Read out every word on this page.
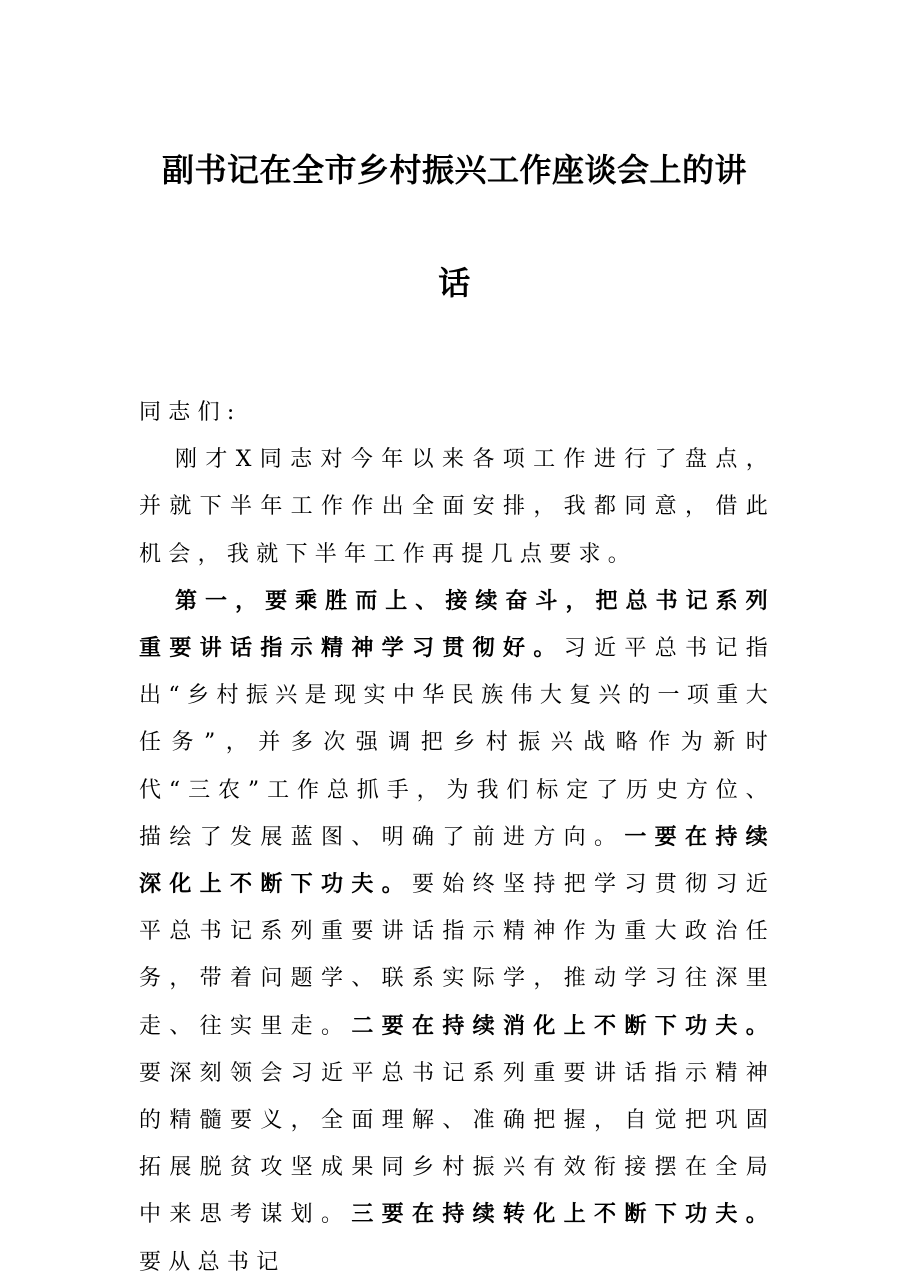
副书记在全市乡村振兴工作座谈会上的讲
话

同志们:

刚才X同志对今年以来各项工作进行了盘点，并就下半年工作作出全面安排，我都同意，借此机会，我就下半年工作再提几点要求。

第一，要乘胜而上、接续奋斗，把总书记系列重要讲话指示精神学习贯彻好。习近平总书记指出“乡村振兴是现实中华民族伟大复兴的一项重大任务”，并多次强调把乡村振兴战略作为新时代“三农”工作总抓手，为我们标定了历史方位、描绘了发展蓝图、明确了前进方向。一要在持续深化上不断下功夫。要始终坚持把学习贯彻习近平总书记系列重要讲话指示精神作为重大政治任务，带着问题学、联系实际学，推动学习往深里走、往实里走。二要在持续消化上不断下功夫。要深刻领会习近平总书记系列重要讲话指示精神的精髓要义，全面理解、准确把握，自觉把巩固拓展脱贫攻坚成果同乡村振兴有效衔接摆在全局中来思考谋划。三要在持续转化上不断下功夫。要从总书记
